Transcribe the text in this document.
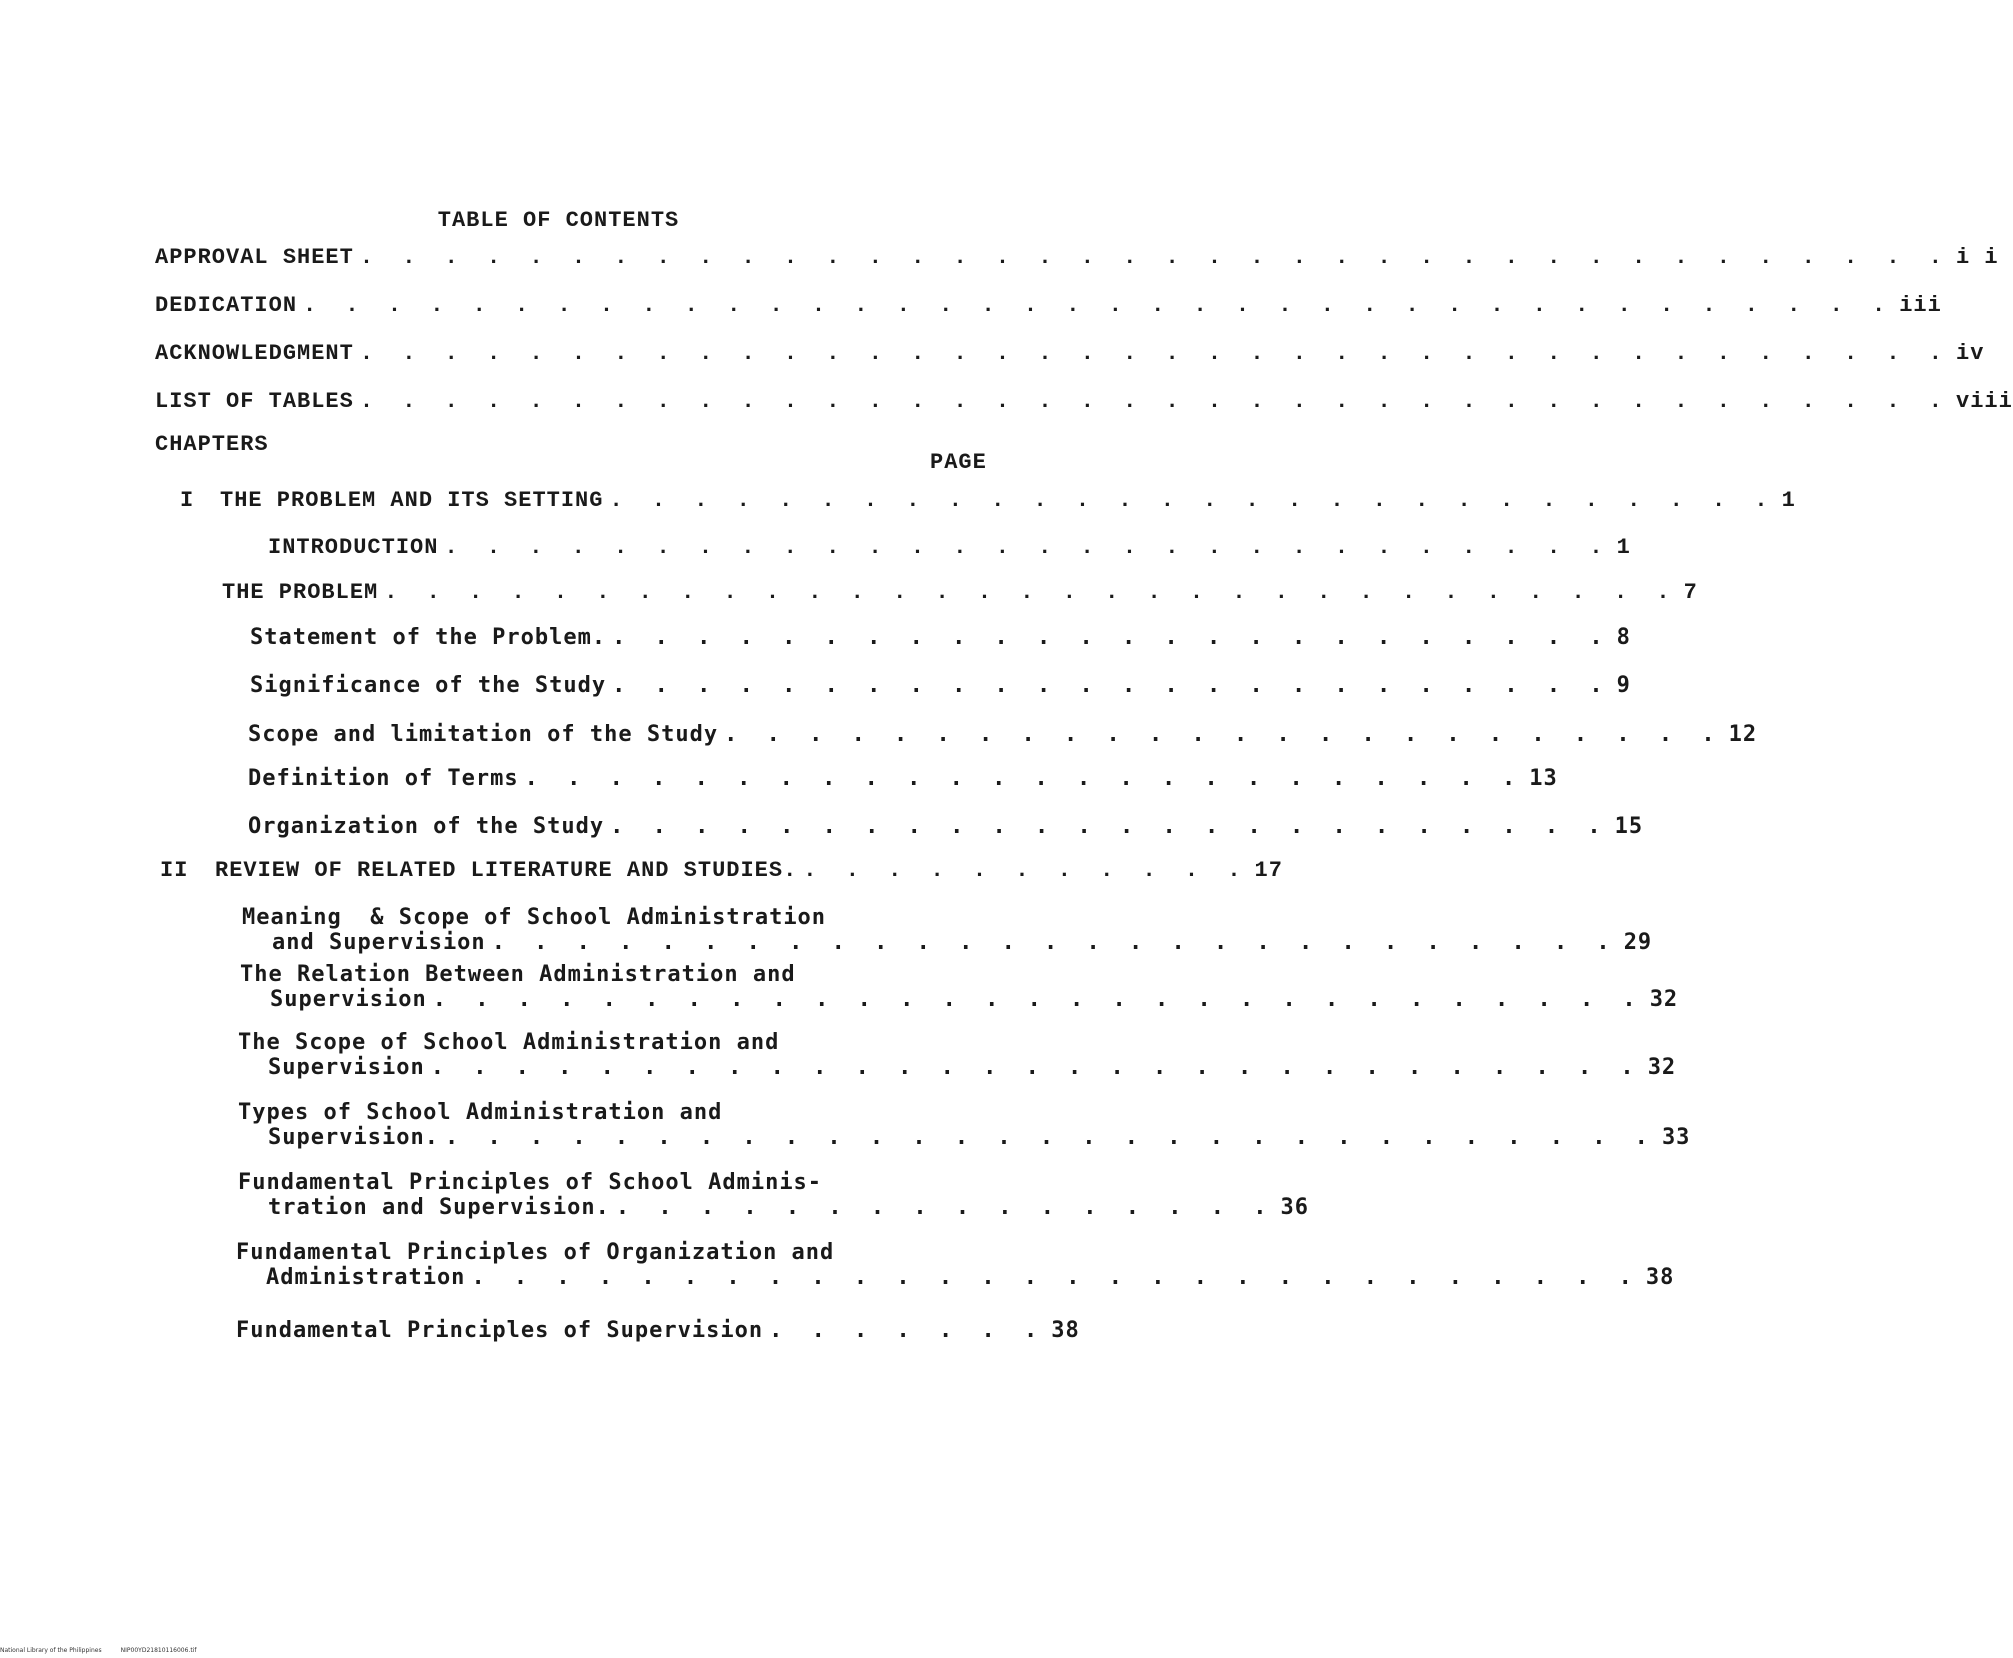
TABLE OF CONTENTS
APPROVAL SHEET . . . . . . . . . . . . . . . . . . . . . . . . . . . . . . . . . . . . . . i i
DEDICATION . . . . . . . . . . . . . . . . . . . . . . . . . . . . . . . . . . . . . . iii
ACKNOWLEDGMENT . . . . . . . . . . . . . . . . . . . . . . . . . . . . . . . . . . . . . . iv
LIST OF TABLES . . . . . . . . . . . . . . . . . . . . . . . . . . . . . . . . . . . . . . viii
CHAPTERS
PAGE
I	THE PROBLEM AND ITS SETTING . . . . . . . . . . . . . . . . . . . . . . . . . . . . 1
INTRODUCTION . . . . . . . . . . . . . . . . . . . . . . . . . . . . 1
THE PROBLEM . . . . . . . . . . . . . . . . . . . . . . . . . . . . . . . 7
Statement of the Problem. . . . . . . . . . . . . . . . . . . . . . . . . 8
Significance of the Study . . . . . . . . . . . . . . . . . . . . . . . . 9
Scope and limitation of the Study . . . . . . . . . . . . . . . . . . . . . . . . 12
Definition of Terms . . . . . . . . . . . . . . . . . . . . . . . . 13
Organization of the Study . . . . . . . . . . . . . . . . . . . . . . . . 15
II	REVIEW OF RELATED LITERATURE AND STUDIES. . . . . . . . . . . . 17
Meaning  & Scope of School Administration
and Supervision . . . . . . . . . . . . . . . . . . . . . . . . . . . 29
The Relation Between Administration and
Supervision . . . . . . . . . . . . . . . . . . . . . . . . . . . . . 32
The Scope of School Administration and
Supervision . . . . . . . . . . . . . . . . . . . . . . . . . . . . . 32
Types of School Administration and
Supervision. . . . . . . . . . . . . . . . . . . . . . . . . . . . . . 33
Fundamental Principles of School Adminis-
tration and Supervision. . . . . . . . . . . . . . . . . 36
Fundamental Principles of Organization and
Administration . . . . . . . . . . . . . . . . . . . . . . . . . . . . 38
Fundamental Principles of Supervision . . . . . . . 38
National Library of the Philippines	NIP00YD21810116006.tif
